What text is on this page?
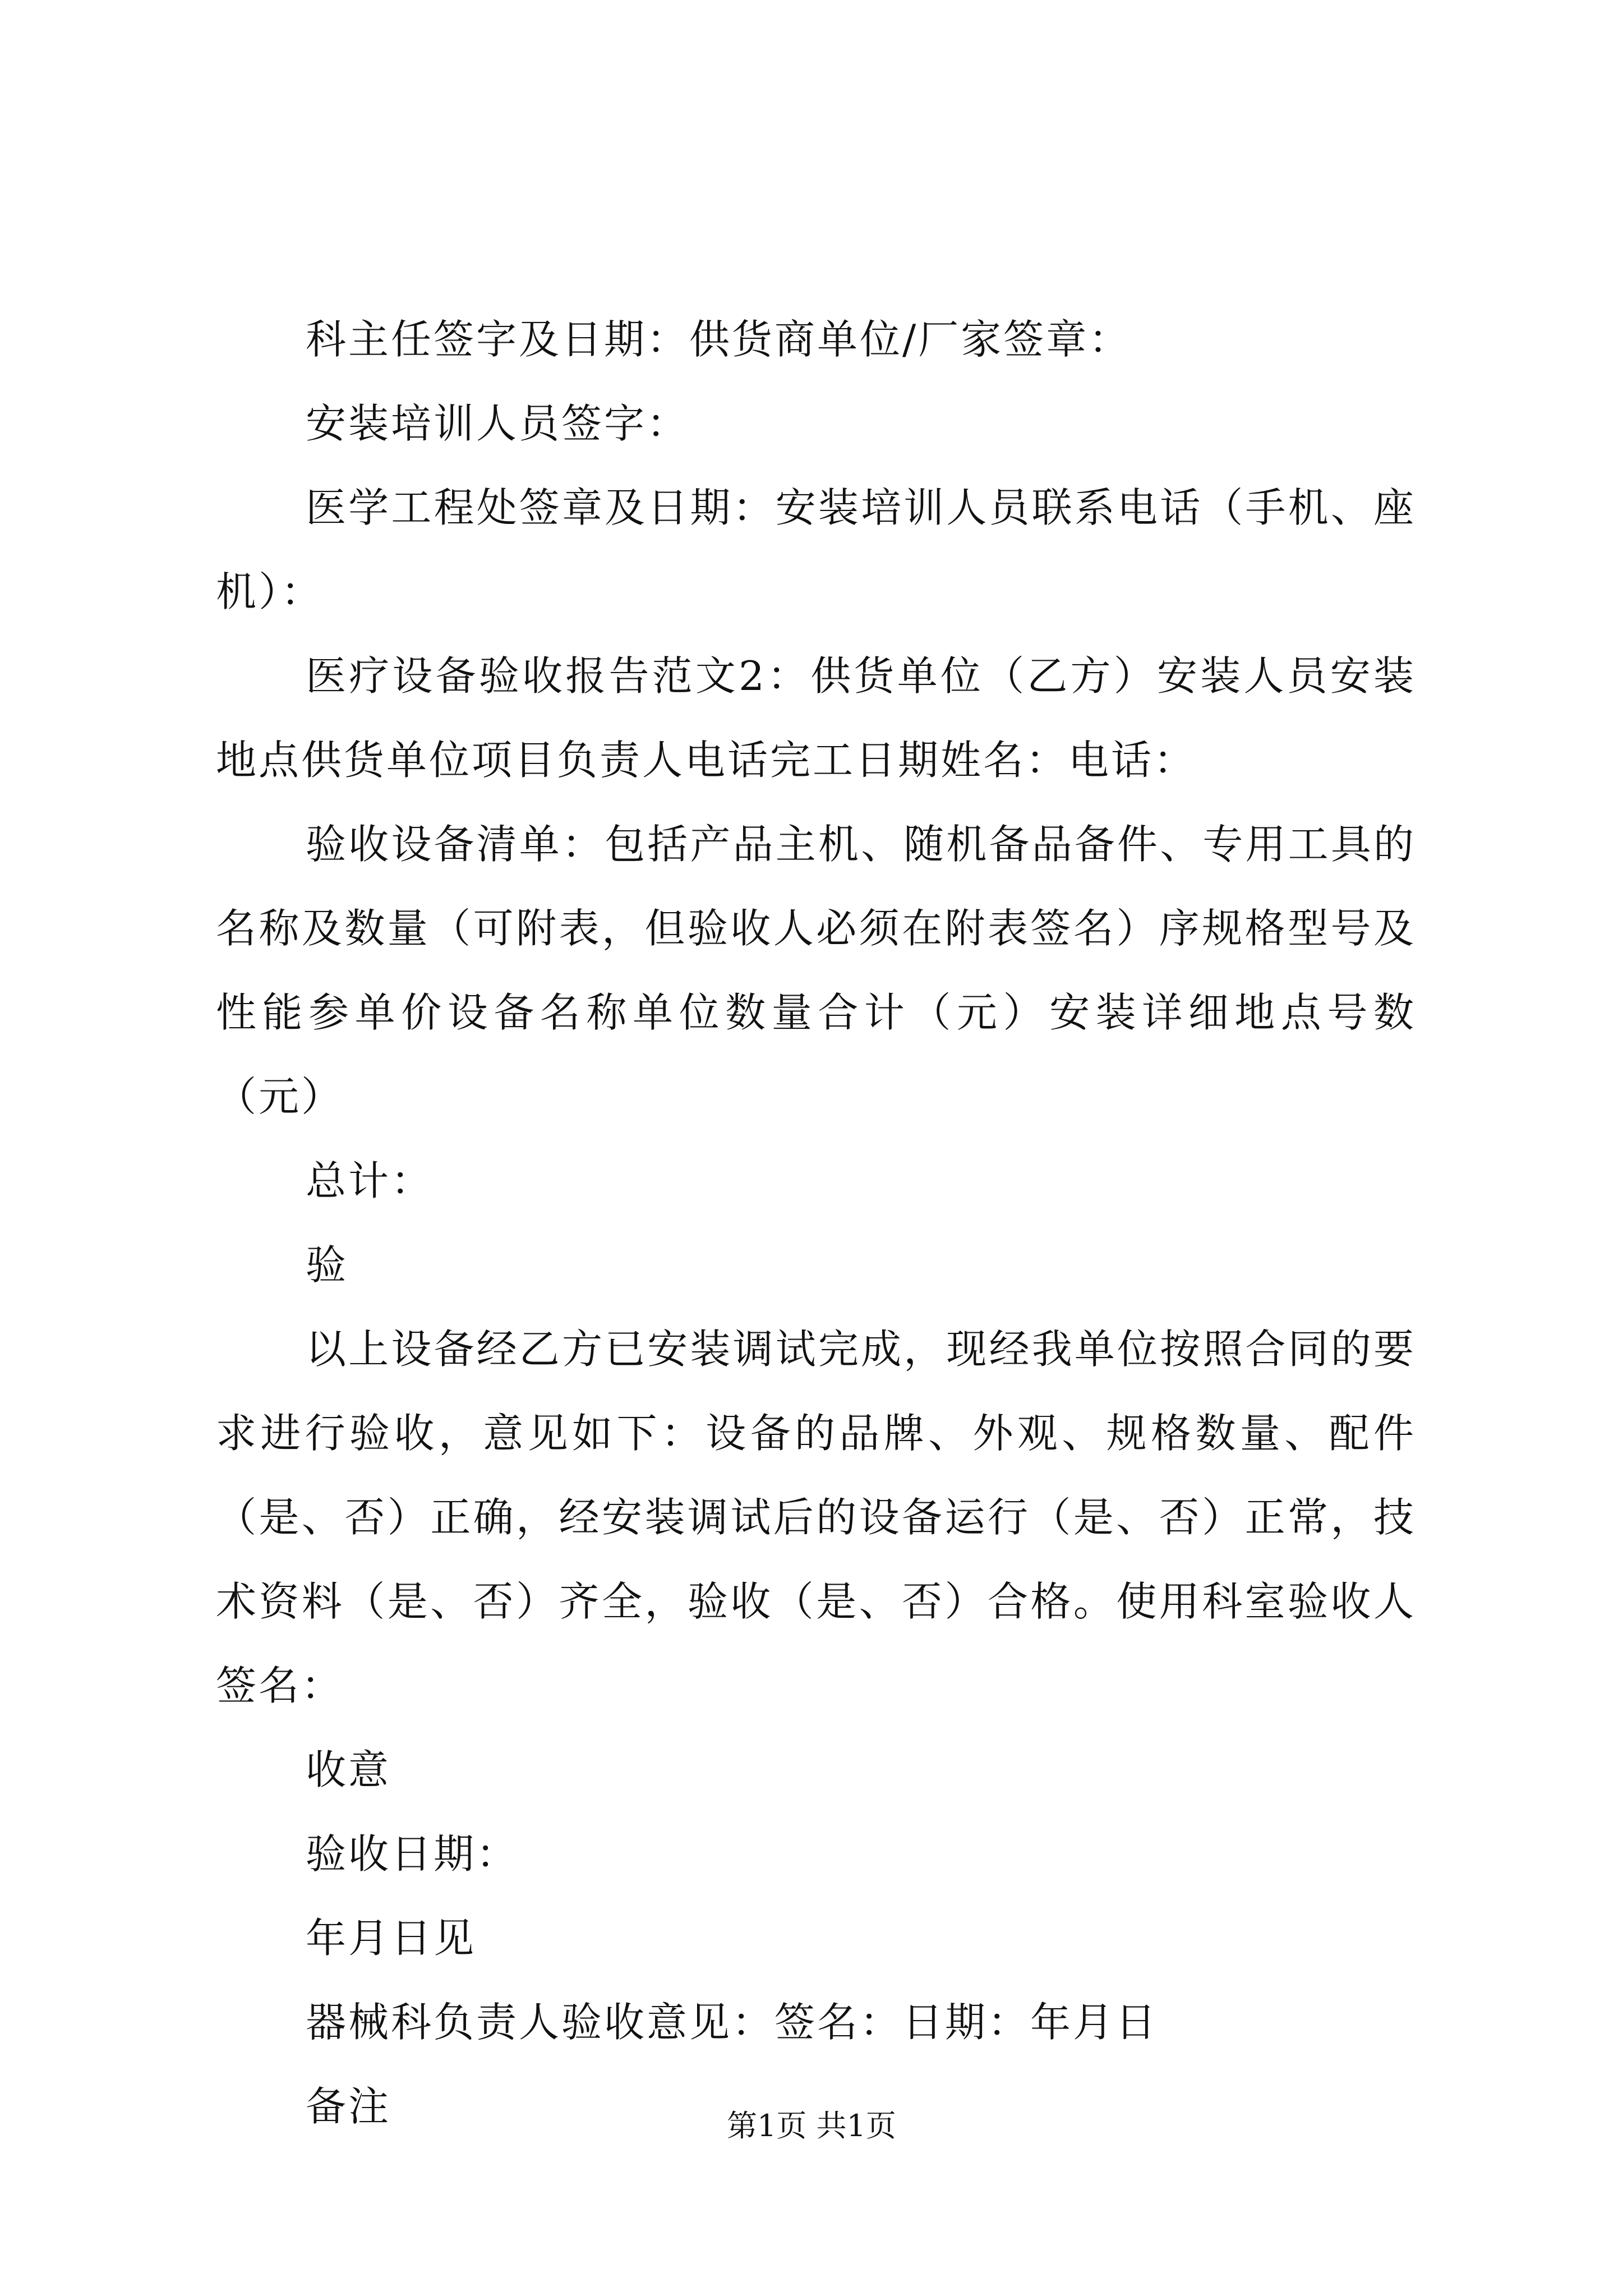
科主任签字及日期：供货商单位/厂家签章：

安装培训人员签字：

医学工程处签章及日期：安装培训人员联系电话（手机、座机）：

医疗设备验收报告范文2：供货单位（乙方）安装人员安装地点供货单位项目负责人电话完工日期姓名：电话：

验收设备清单：包括产品主机、随机备品备件、专用工具的名称及数量（可附表，但验收人必须在附表签名）序规格型号及性能参单价设备名称单位数量合计（元）安装详细地点号数（元）

总计：

验

以上设备经乙方已安装调试完成，现经我单位按照合同的要求进行验收，意见如下：设备的品牌、外观、规格数量、配件（是、否）正确，经安装调试后的设备运行（是、否）正常，技术资料（是、否）齐全，验收（是、否）合格。使用科室验收人签名：

收意

验收日期：

年月日见

器械科负责人验收意见：签名：日期：年月日

备注	第1页 共1页
